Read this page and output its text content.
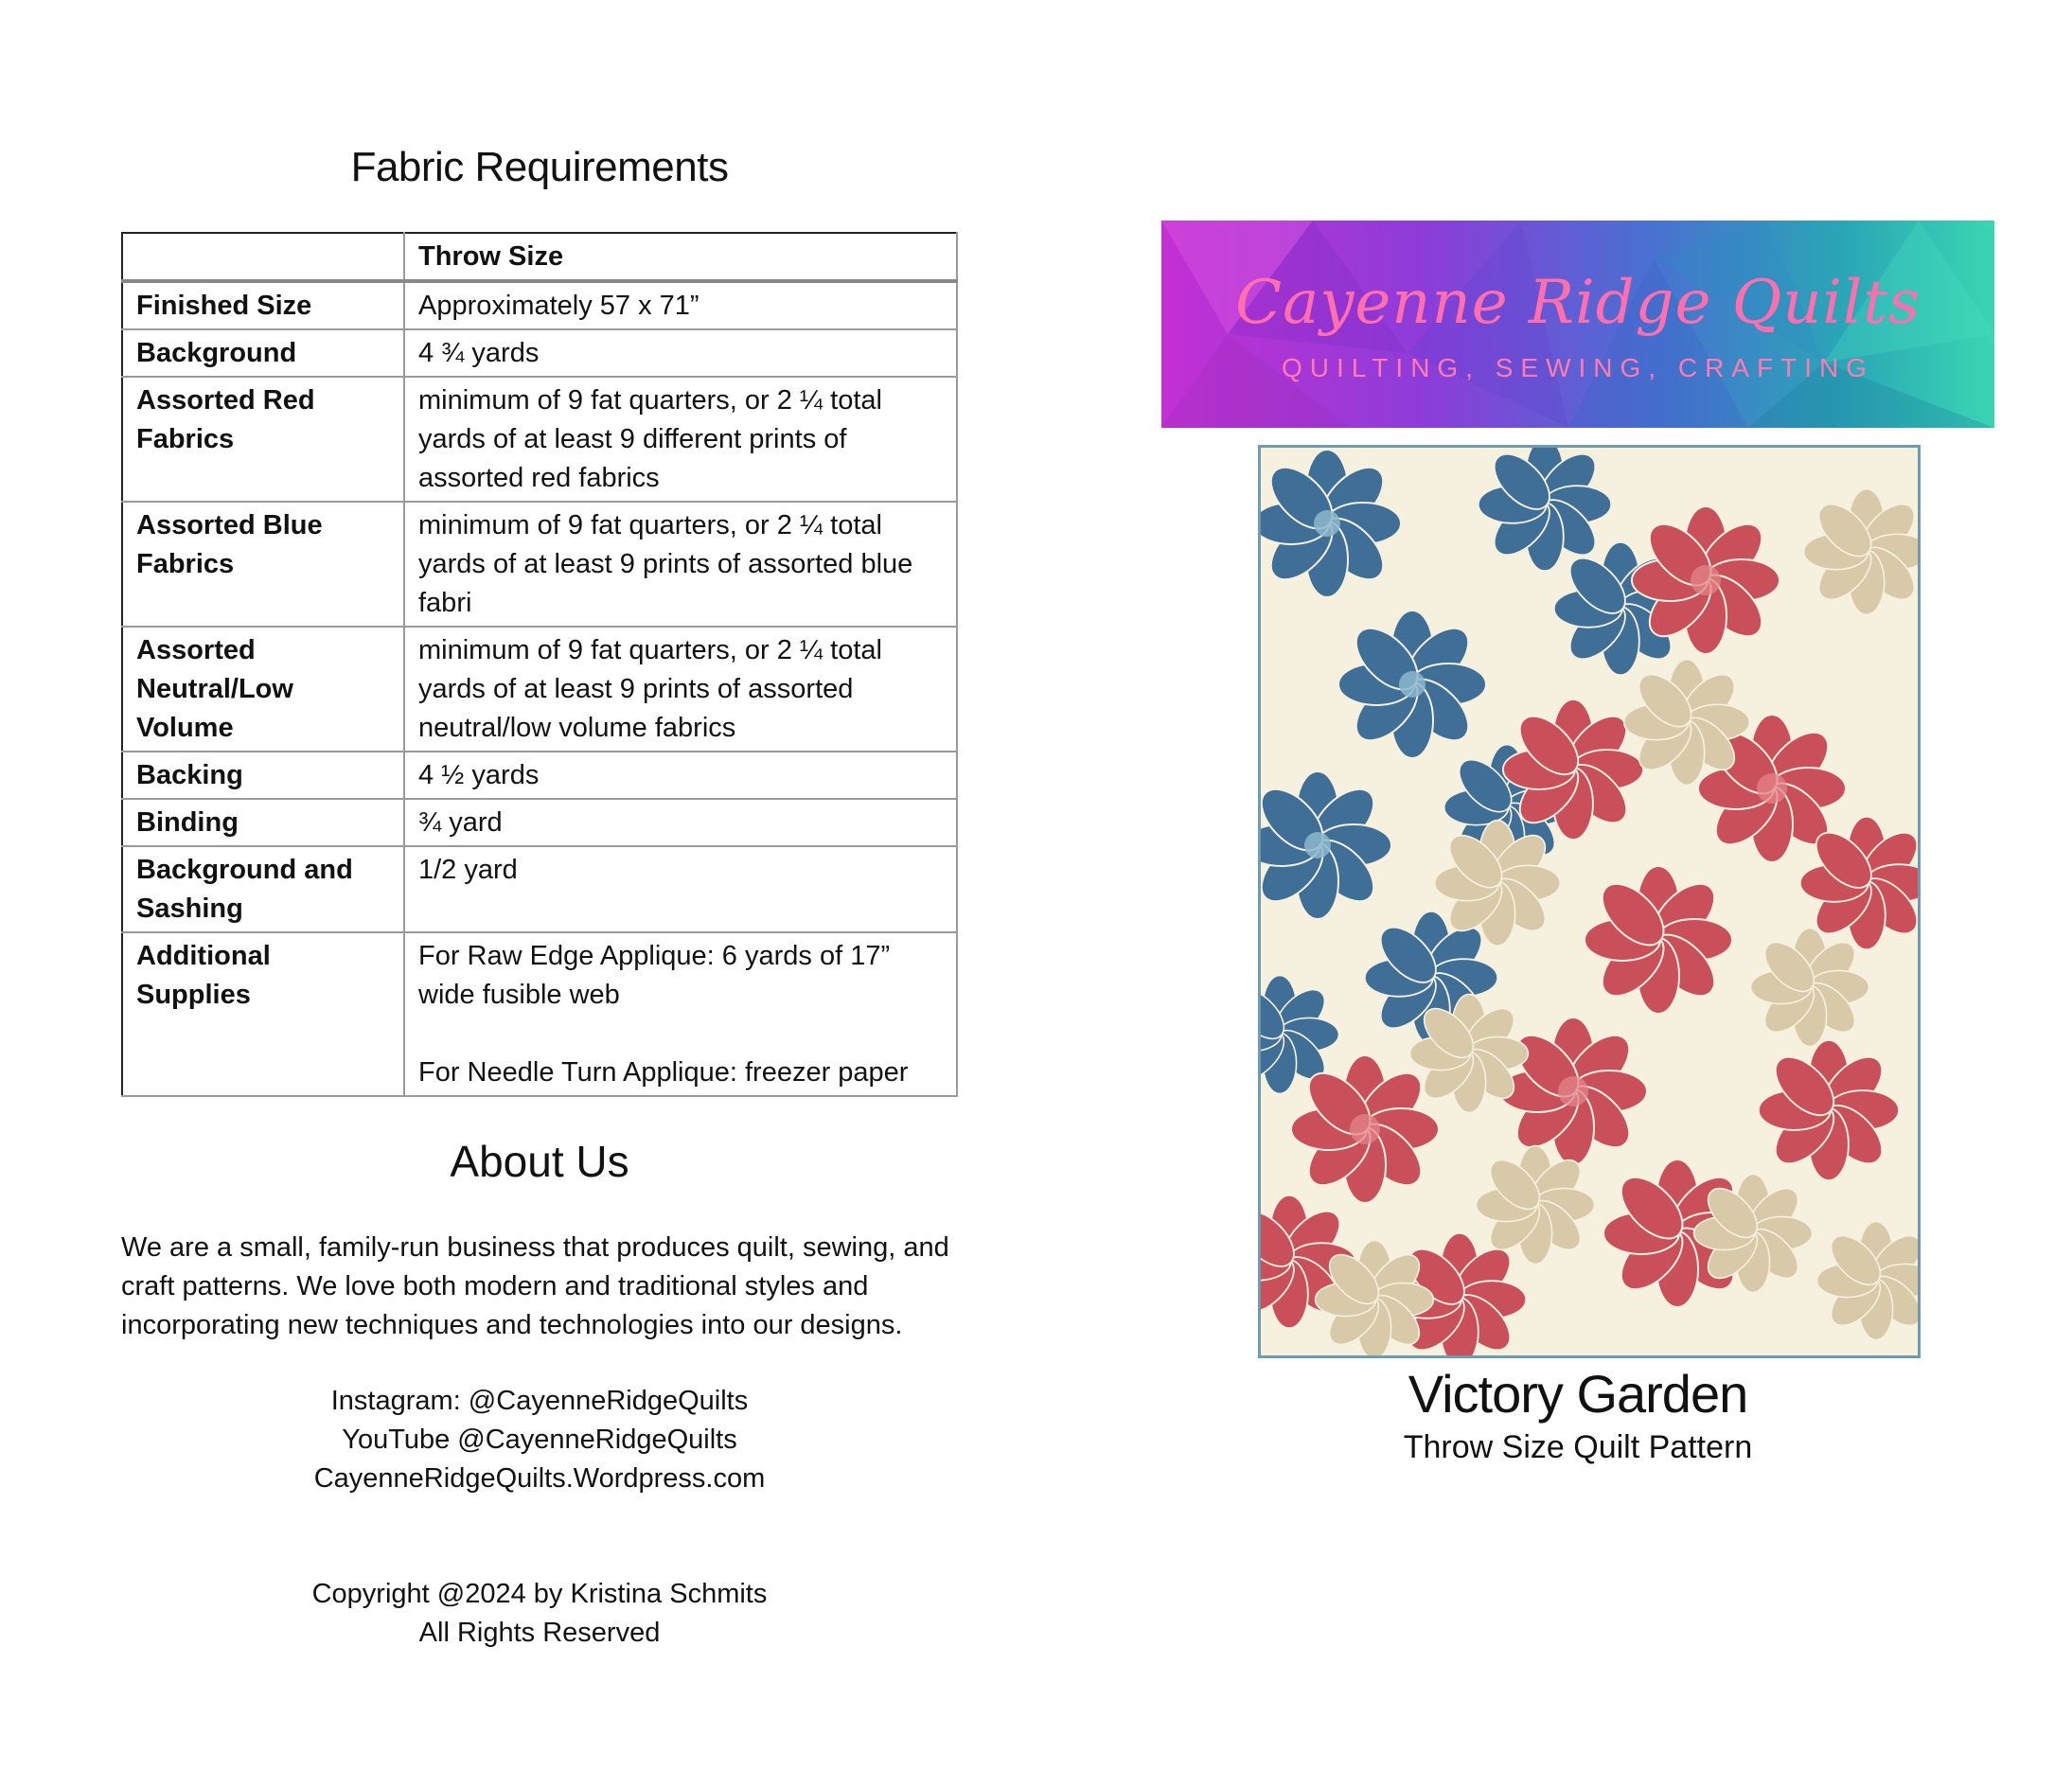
Fabric Requirements
	Throw Size
Finished Size	Approximately 57 x 71”
Background	4 ¾ yards
Assorted Red Fabrics	minimum of 9 fat quarters, or 2 ¼ total yards of at least 9 different prints of assorted red fabrics
Assorted Blue Fabrics	minimum of 9 fat quarters, or 2 ¼ total yards of at least 9 prints of assorted blue fabri
Assorted Neutral/Low Volume	minimum of 9 fat quarters, or 2 ¼ total yards of at least 9 prints of assorted neutral/low volume fabrics
Backing	4 ½ yards
Binding	¾ yard
Background and Sashing	1/2 yard
Additional Supplies	For Raw Edge Applique: 6 yards of 17” wide fusible web
For Needle Turn Applique: freezer paper
About Us

We are a small, family-run business that produces quilt, sewing, and craft patterns. We love both modern and traditional styles and incorporating new techniques and technologies into our designs.

Instagram: @CayenneRidgeQuilts
YouTube @CayenneRidgeQuilts
CayenneRidgeQuilts.Wordpress.com
Copyright @2024 by Kristina Schmits
All Rights Reserved
Cayenne Ridge Quilts
QUILTING, SEWING, CRAFTING
Victory Garden

Throw Size Quilt Pattern
